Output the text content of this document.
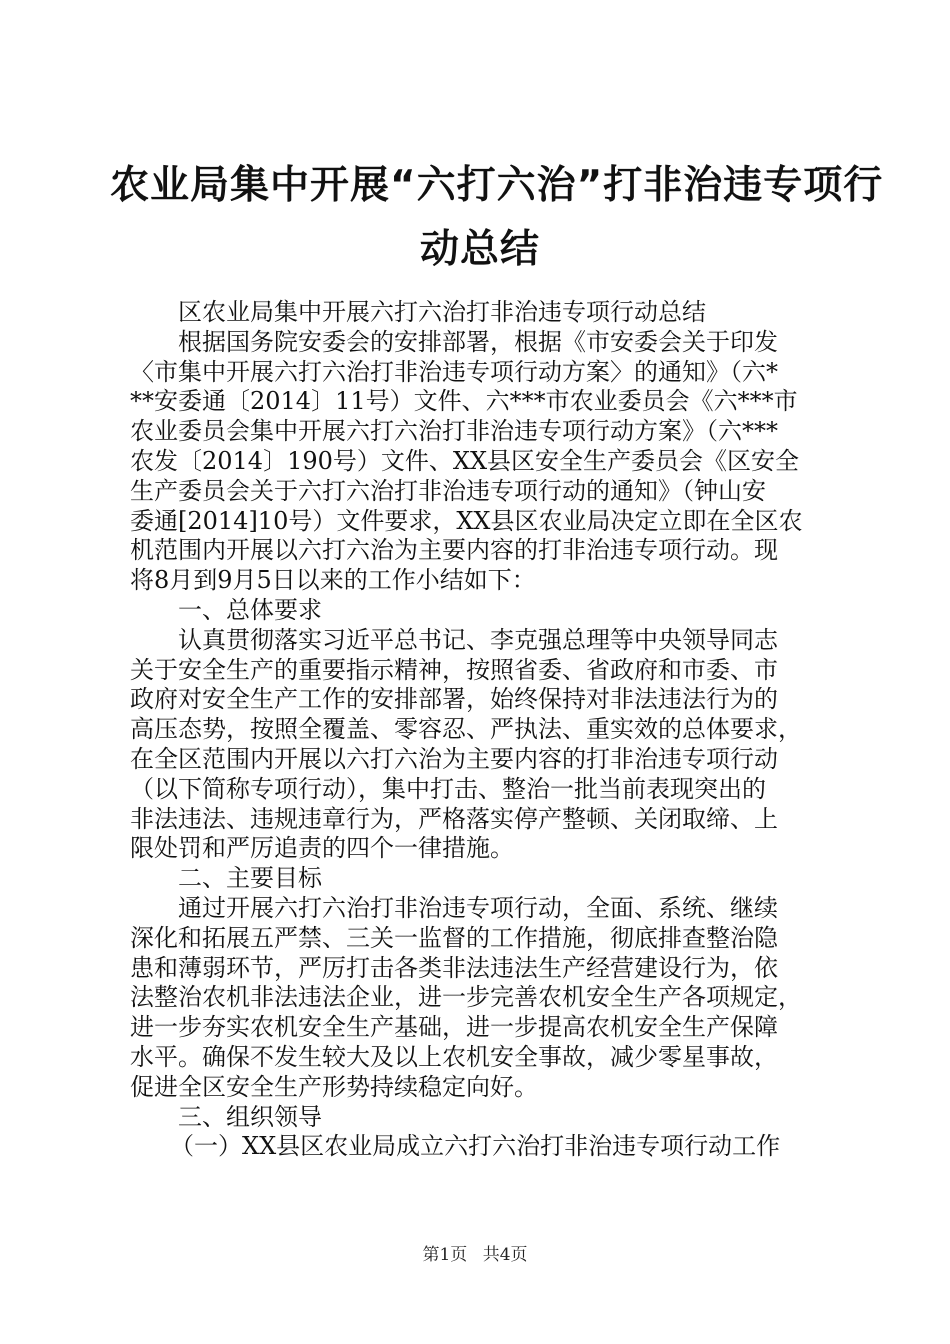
农业局集中开展“六打六治”打非治违专项行
动总结
区农业局集中开展六打六治打非治违专项行动总结
根据国务院安委会的安排部署，根据《市安委会关于印发
〈市集中开展六打六治打非治违专项行动方案〉的通知》（六*
**安委通〔2014〕11号）文件、六***市农业委员会《六***市
农业委员会集中开展六打六治打非治违专项行动方案》（六***
农发〔2014〕190号）文件、XX县区安全生产委员会《区安全
生产委员会关于六打六治打非治违专项行动的通知》（钟山安
委通[2014]10号）文件要求，XX县区农业局决定立即在全区农
机范围内开展以六打六治为主要内容的打非治违专项行动。现
将8月到9月5日以来的工作小结如下：
一、总体要求
认真贯彻落实习近平总书记、李克强总理等中央领导同志
关于安全生产的重要指示精神，按照省委、省政府和市委、市
政府对安全生产工作的安排部署，始终保持对非法违法行为的
高压态势，按照全覆盖、零容忍、严执法、重实效的总体要求，
在全区范围内开展以六打六治为主要内容的打非治违专项行动
（以下简称专项行动），集中打击、整治一批当前表现突出的
非法违法、违规违章行为，严格落实停产整顿、关闭取缔、上
限处罚和严厉追责的四个一律措施。
二、主要目标
通过开展六打六治打非治违专项行动，全面、系统、继续
深化和拓展五严禁、三关一监督的工作措施，彻底排查整治隐
患和薄弱环节，严厉打击各类非法违法生产经营建设行为，依
法整治农机非法违法企业，进一步完善农机安全生产各项规定，
进一步夯实农机安全生产基础，进一步提高农机安全生产保障
水平。确保不发生较大及以上农机安全事故，减少零星事故，
促进全区安全生产形势持续稳定向好。
三、组织领导
（一）XX县区农业局成立六打六治打非治违专项行动工作
第1页 共4页
